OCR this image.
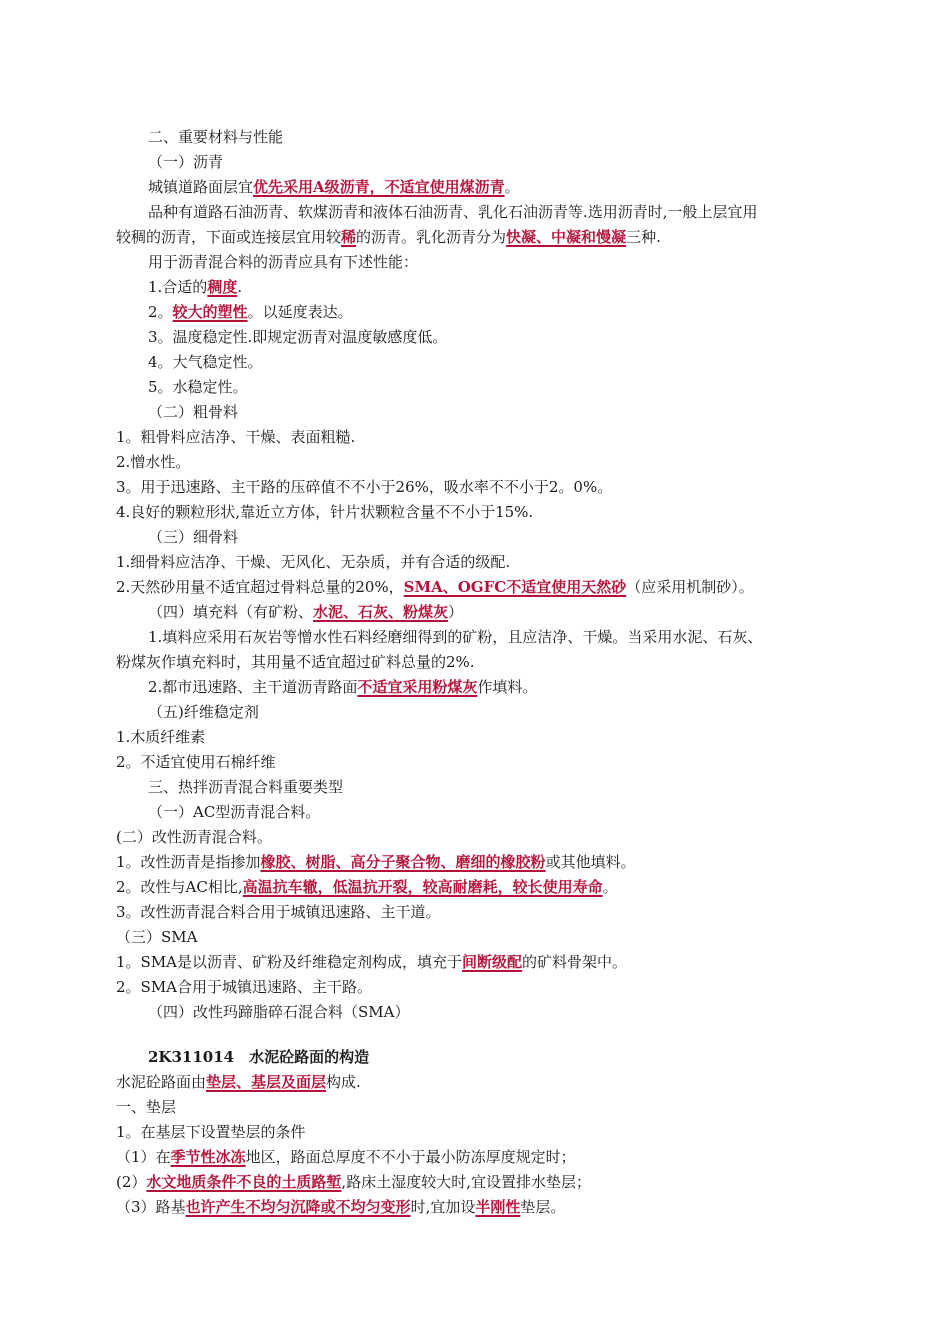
二、重要材料与性能
（一）沥青
城镇道路面层宜优先采用A级沥青，不适宜使用煤沥青。
品种有道路石油沥青、软煤沥青和液体石油沥青、乳化石油沥青等.选用沥青时,一般上层宜用
较稠的沥青，下面或连接层宜用较稀的沥青。乳化沥青分为快凝、中凝和慢凝三种.
用于沥青混合料的沥青应具有下述性能：
1.合适的稠度.
2。较大的塑性。以延度表达。
3。温度稳定性.即规定沥青对温度敏感度低。
4。大气稳定性。
5。水稳定性。
（二）粗骨料
1。粗骨料应洁净、干燥、表面粗糙.
2.憎水性。
3。用于迅速路、主干路的压碎值不不小于26%，吸水率不不小于2。0%。
4.良好的颗粒形状,靠近立方体，针片状颗粒含量不不小于15%.
（三）细骨料
1.细骨料应洁净、干燥、无风化、无杂质，并有合适的级配.
2.天然砂用量不适宜超过骨料总量的20%，SMA、OGFC不适宜使用天然砂（应采用机制砂）。
（四）填充料（有矿粉、水泥、石灰、粉煤灰）
1.填料应采用石灰岩等憎水性石料经磨细得到的矿粉，且应洁净、干燥。当采用水泥、石灰、
粉煤灰作填充料时，其用量不适宜超过矿料总量的2%.
2.都市迅速路、主干道沥青路面不适宜采用粉煤灰作填料。
（五)纤维稳定剂
1.木质纤维素
2。不适宜使用石棉纤维
三、热拌沥青混合料重要类型
（一）AC型沥青混合料。
(二）改性沥青混合料。
1。改性沥青是指掺加橡胶、树脂、高分子聚合物、磨细的橡胶粉或其他填料。
2。改性与AC相比,高温抗车辙，低温抗开裂，较高耐磨耗，较长使用寿命。
3。改性沥青混合料合用于城镇迅速路、主干道。
（三）SMA
1。SMA是以沥青、矿粉及纤维稳定剂构成，填充于间断级配的矿料骨架中。
2。SMA合用于城镇迅速路、主干路。
（四）改性玛蹄脂碎石混合料（SMA）
2K311014　水泥砼路面的构造
水泥砼路面由垫层、基层及面层构成.
一、垫层
1。在基层下设置垫层的条件
（1）在季节性冰冻地区，路面总厚度不不小于最小防冻厚度规定时；
(2）水文地质条件不良的土质路堑,路床土湿度较大时,宜设置排水垫层；
（3）路基也许产生不均匀沉降或不均匀变形时,宜加设半刚性垫层。
